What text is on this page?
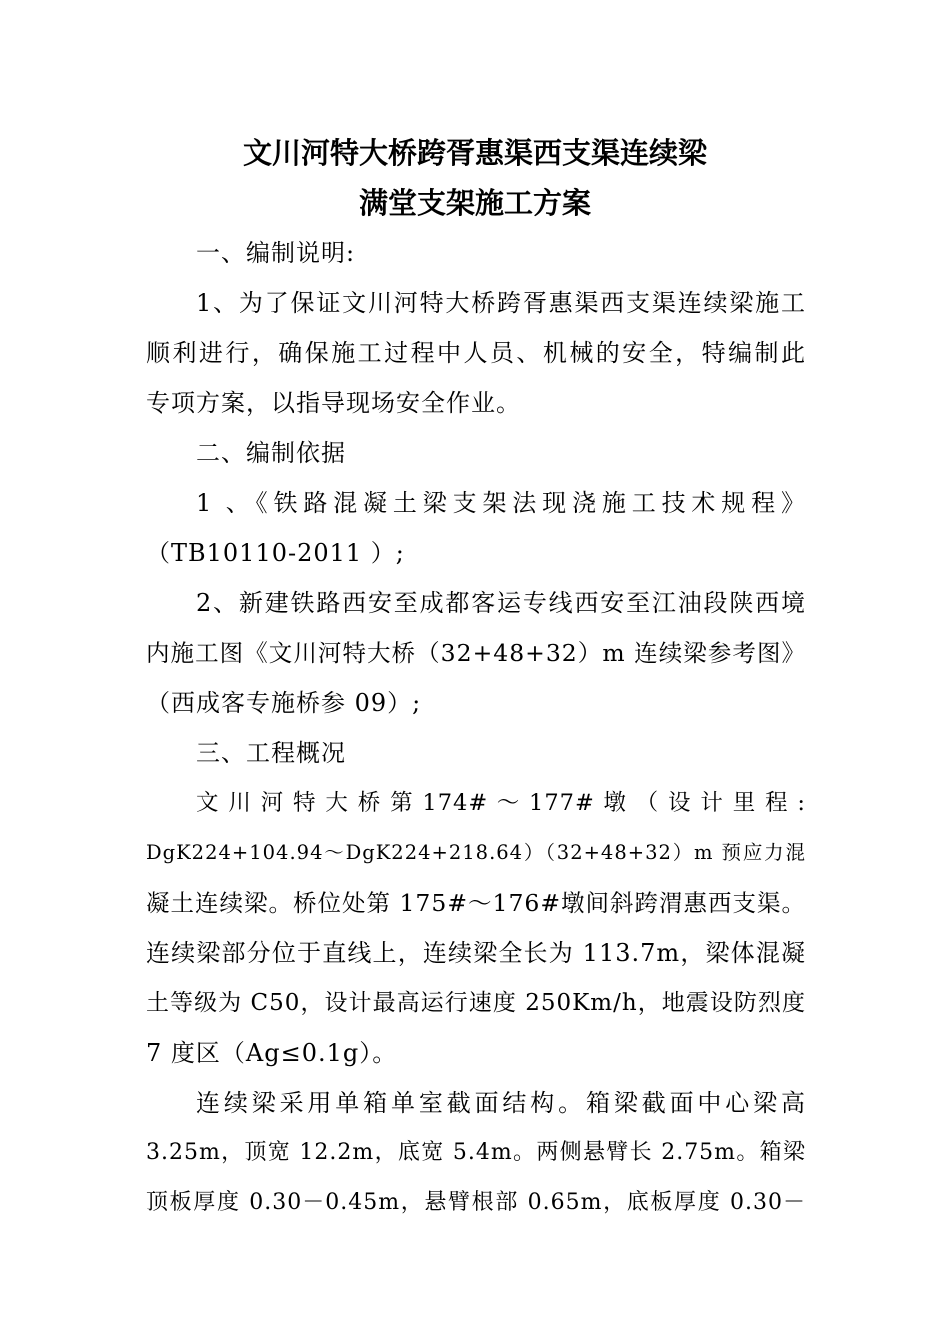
文川河特大桥跨胥惠渠西支渠连续梁
满堂支架施工方案
一、编制说明:
1、为了保证文川河特大桥跨胥惠渠西支渠连续梁施工
顺利进行，确保施工过程中人员、机械的安全，特编制此
专项方案，以指导现场安全作业。
二、编制依据
1 、《铁路混凝土梁支架法现浇施工技术规程》
（TB10110-2011 ）;
2、新建铁路西安至成都客运专线西安至江油段陕西境
内施工图《文川河特大桥（32+48+32）m 连续梁参考图》
（西成客专施桥参 09）;
三、工程概况
文 川 河 特 大 桥 第 174# ～ 177# 墩 （ 设 计 里 程 :
DgK224+104.94～DgK224+218.64）（32+48+32）m 预应力混
凝土连续梁。桥位处第 175#～176#墩间斜跨渭惠西支渠。
连续梁部分位于直线上，连续梁全长为 113.7m，梁体混凝
土等级为 C50，设计最高运行速度 250Km/h，地震设防烈度
7 度区（Ag≤0.1g）。
连续梁采用单箱单室截面结构。箱梁截面中心梁高
3.25m，顶宽 12.2m，底宽 5.4m。两侧悬臂长 2.75m。箱梁
顶板厚度 0.30－0.45m，悬臂根部 0.65m，底板厚度 0.30－
